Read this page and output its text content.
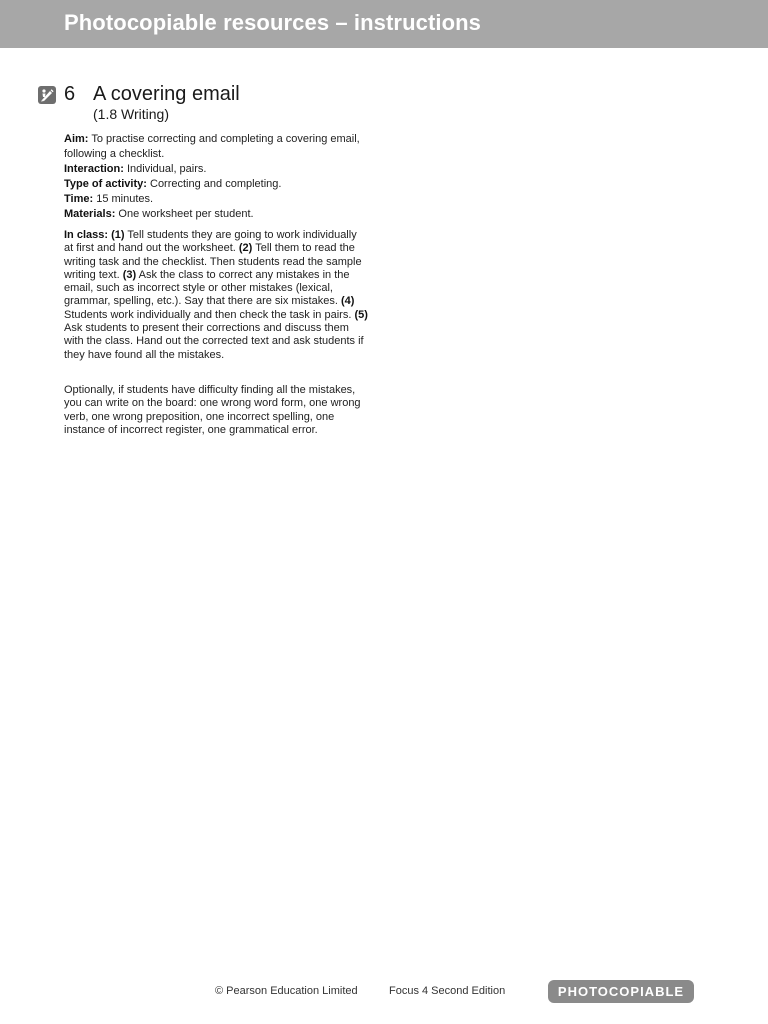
Photocopiable resources – instructions
6 A covering email
(1.8 Writing)
Aim: To practise correcting and completing a covering email, following a checklist.
Interaction: Individual, pairs.
Type of activity: Correcting and completing.
Time: 15 minutes.
Materials: One worksheet per student.
In class: (1) Tell students they are going to work individually at first and hand out the worksheet. (2) Tell them to read the writing task and the checklist. Then students read the sample writing text. (3) Ask the class to correct any mistakes in the email, such as incorrect style or other mistakes (lexical, grammar, spelling, etc.). Say that there are six mistakes. (4) Students work individually and then check the task in pairs. (5) Ask students to present their corrections and discuss them with the class. Hand out the corrected text and ask students if they have found all the mistakes.
Optionally, if students have difficulty finding all the mistakes, you can write on the board: one wrong word form, one wrong verb, one wrong preposition, one incorrect spelling, one instance of incorrect register, one grammatical error.
© Pearson Education Limited	Focus 4 Second Edition	PHOTOCOPIABLE
